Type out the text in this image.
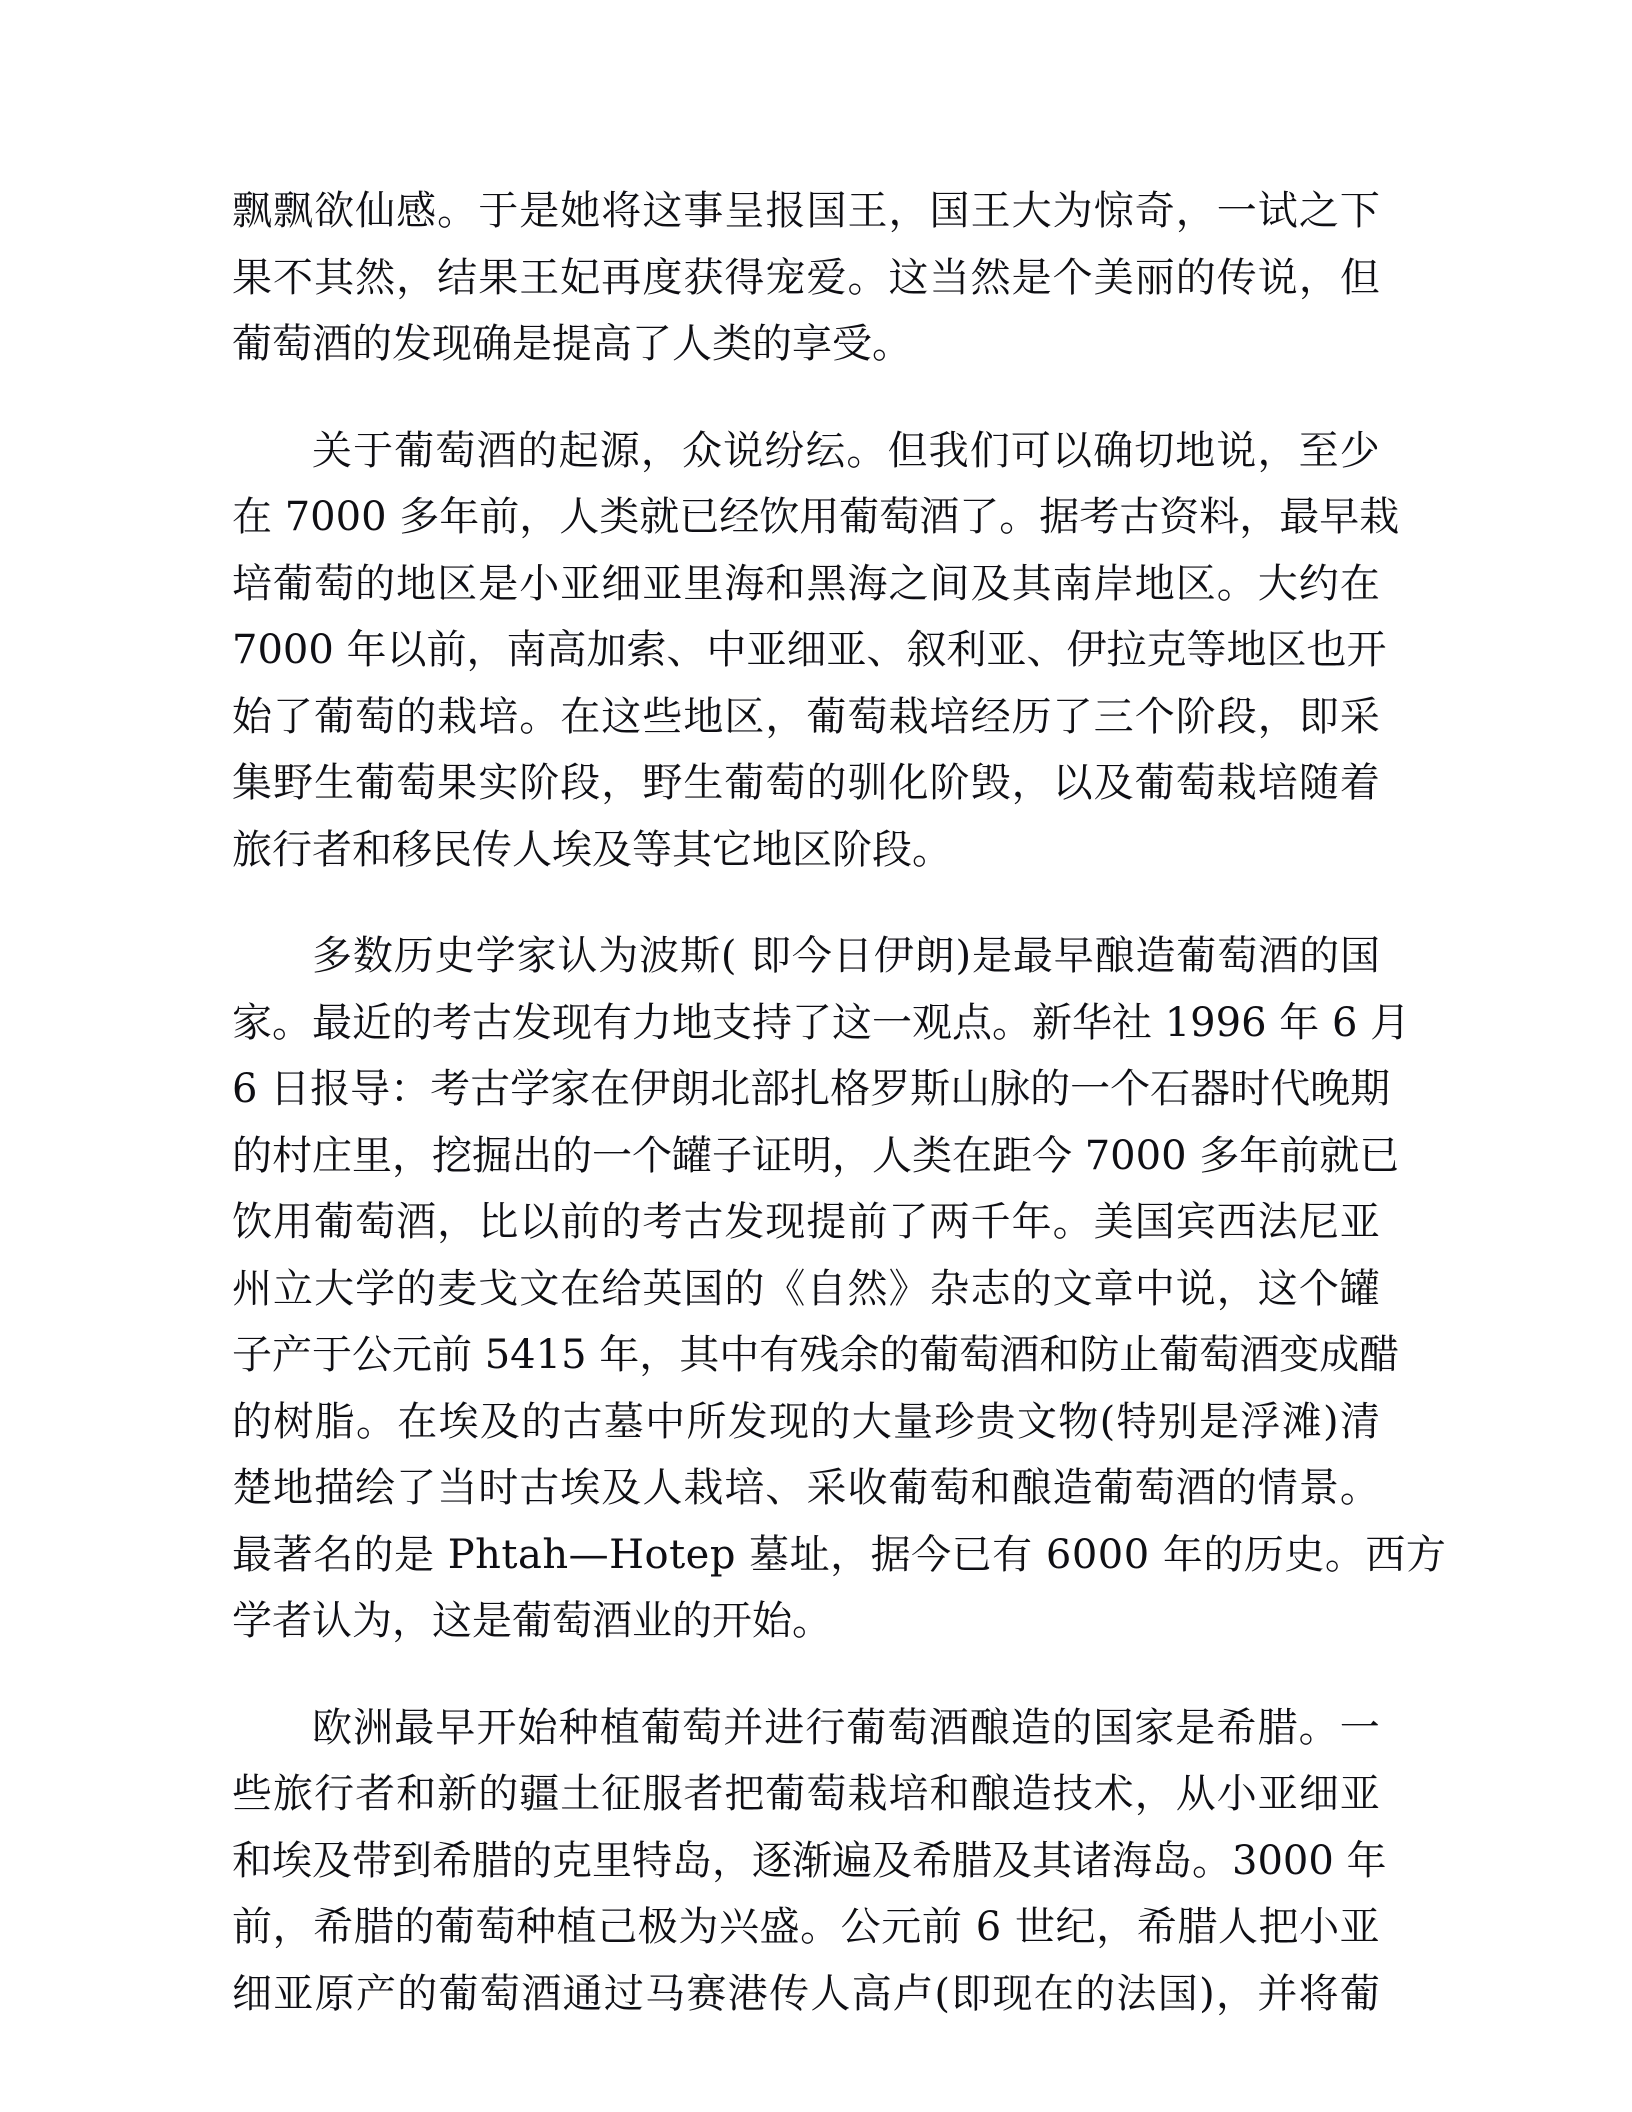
飘 飘 欲 仙 感 。 于 是 她 将 这 事 呈 报 国 王 ， 国 王 大 为 惊 奇 ， 一 试 之 下
果 不 其 然 ， 结 果 王 妃 再 度 获 得 宠 爱 。 这 当 然 是 个 美 丽 的 传 说 ， 但
葡萄酒的发现确是提高了人类的享受。
关 于 葡 萄 酒 的 起 源 ， 众 说 纷 纭 。 但 我 们 可 以 确 切 地 说 ， 至 少
在
7 0 0 0
多 年 前 ， 人 类 就 已 经 饮 用 葡 萄 酒 了 。 据 考 古 资 料 ， 最 早 栽
培 葡 萄 的 地 区 是 小 亚 细 亚 里 海 和 黑 海 之 间 及 其 南 岸 地 区 。 大 约 在
7 0 0 0
年 以 前 ， 南 高 加 索 、 中 亚 细 亚 、 叙 利 亚 、 伊 拉 克 等 地 区 也 开
始 了 葡 萄 的 栽 培 。 在 这 些 地 区 ， 葡 萄 栽 培 经 历 了 三 个 阶 段 ， 即 采
集 野 生 葡 萄 果 实 阶 段 ， 野 生 葡 萄 的 驯 化 阶 毁 ， 以 及 葡 萄 栽 培 随 着
旅行者和移民传人埃及等其它地区阶段。
多 数 历 史 学 家 认 为 波 斯 (
即 今 日 伊 朗 ) 是 最 早 酿 造 葡 萄 酒 的 国
家 。 最 近 的 考 古 发 现 有 力 地 支 持 了 这 一 观 点 。 新 华 社
1 9 9 6
年
6
月
6
日 报 导 ： 考 古 学 家 在 伊 朗 北 部 扎 格 罗 斯 山 脉 的 一 个 石 器 时 代 晚 期
的 村 庄 里 ， 挖 掘 出 的 一 个 罐 子 证 明 ， 人 类 在 距 今
7 0 0 0
多 年 前 就 已
饮 用 葡 萄 酒 ， 比 以 前 的 考 古 发 现 提 前 了 两 千 年 。 美 国 宾 西 法 尼 亚
州 立 大 学 的 麦 戈 文 在 给 英 国 的 《 自 然 》 杂 志 的 文 章 中 说 ， 这 个 罐
子 产 于 公 元 前
5 4 1 5
年 ， 其 中 有 残 余 的 葡 萄 酒 和 防 止 葡 萄 酒 变 成 醋
的 树 脂 。 在 埃 及 的 古 墓 中 所 发 现 的 大 量 珍 贵 文 物 ( 特 别 是 浮 滩 ) 清
楚 地 描 绘 了 当 时 古 埃 及 人 栽 培 、 采 收 葡 萄 和 酿 造 葡 萄 酒 的 情 景 。
最 著 名 的 是
P h t a h — H o t e p
墓 址 ， 据 今 已 有
6 0 0 0
年 的 历 史 。 西 方
学者认为，这是葡萄酒业的开始。
欧 洲 最 早 开 始 种 植 葡 萄 并 进 行 葡 萄 酒 酿 造 的 国 家 是 希 腊 。 一
些 旅 行 者 和 新 的 疆 土 征 服 者 把 葡 萄 栽 培 和 酿 造 技 术 ， 从 小 亚 细 亚
和 埃 及 带 到 希 腊 的 克 里 特 岛 ， 逐 渐 遍 及 希 腊 及 其 诸 海 岛 。 3 0 0 0
年
前 ， 希 腊 的 葡 萄 种 植 己 极 为 兴 盛 。 公 元 前
6
世 纪 ， 希 腊 人 把 小 亚
细 亚 原 产 的 葡 萄 酒 通 过 马 赛 港 传 人 高 卢 ( 即 现 在 的 法 国 ) ， 并 将 葡
